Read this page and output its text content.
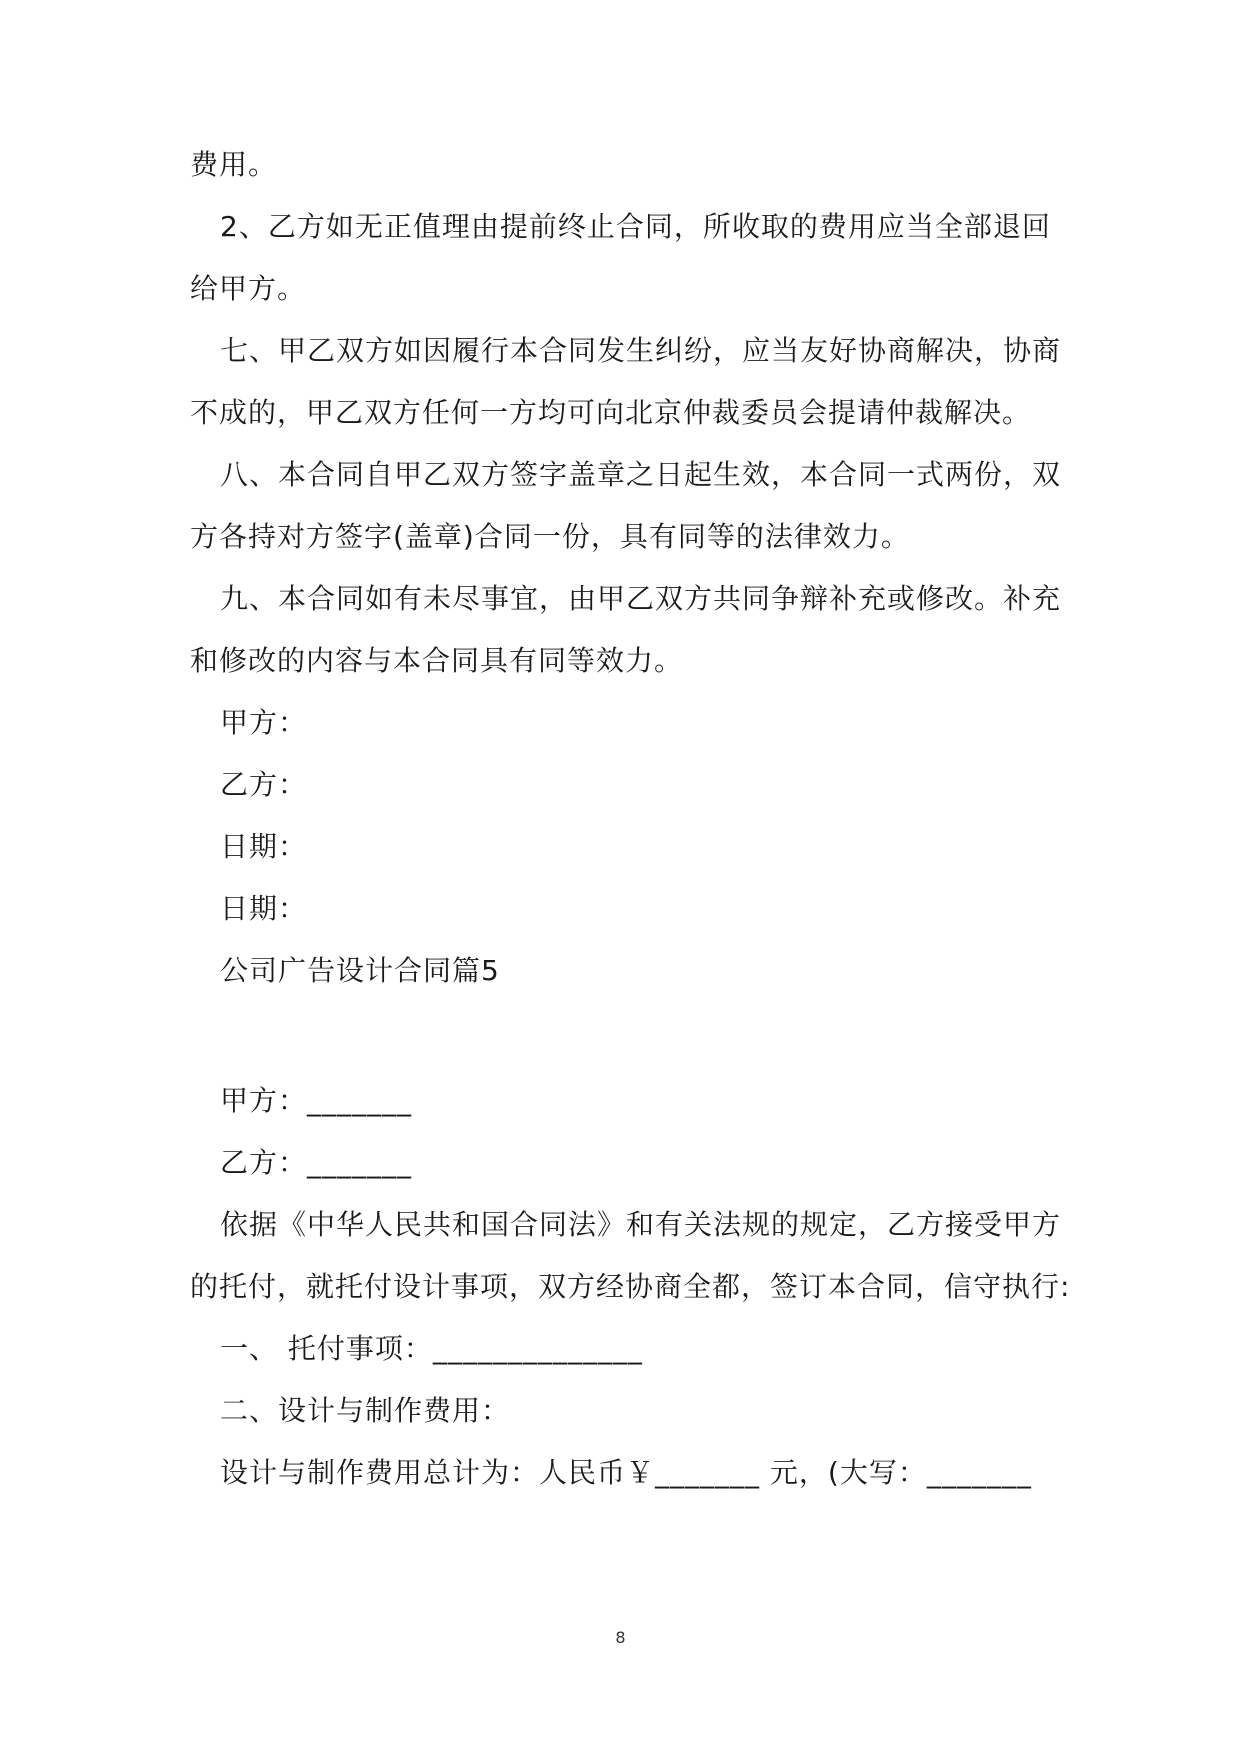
费用。

2、乙方如无正值理由提前终止合同，所收取的费用应当全部退回

给甲方。

七、甲乙双方如因履行本合同发生纠纷，应当友好协商解决，协商

不成的，甲乙双方任何一方均可向北京仲裁委员会提请仲裁解决。

八、本合同自甲乙双方签字盖章之日起生效，本合同一式两份，双

方各持对方签字(盖章)合同一份，具有同等的法律效力。

九、本合同如有未尽事宜，由甲乙双方共同争辩补充或修改。补充

和修改的内容与本合同具有同等效力。

甲方：

乙方：

日期：

日期：

公司广告设计合同篇5

甲方：_______

乙方：_______

依据《中华人民共和国合同法》和有关法规的规定，乙方接受甲方

的托付，就托付设计事项，双方经协商全都，签订本合同，信守执行:

一、 托付事项：______________

二、设计与制作费用：

设计与制作费用总计为：人民币￥_______ 元，(大写：_______

8
